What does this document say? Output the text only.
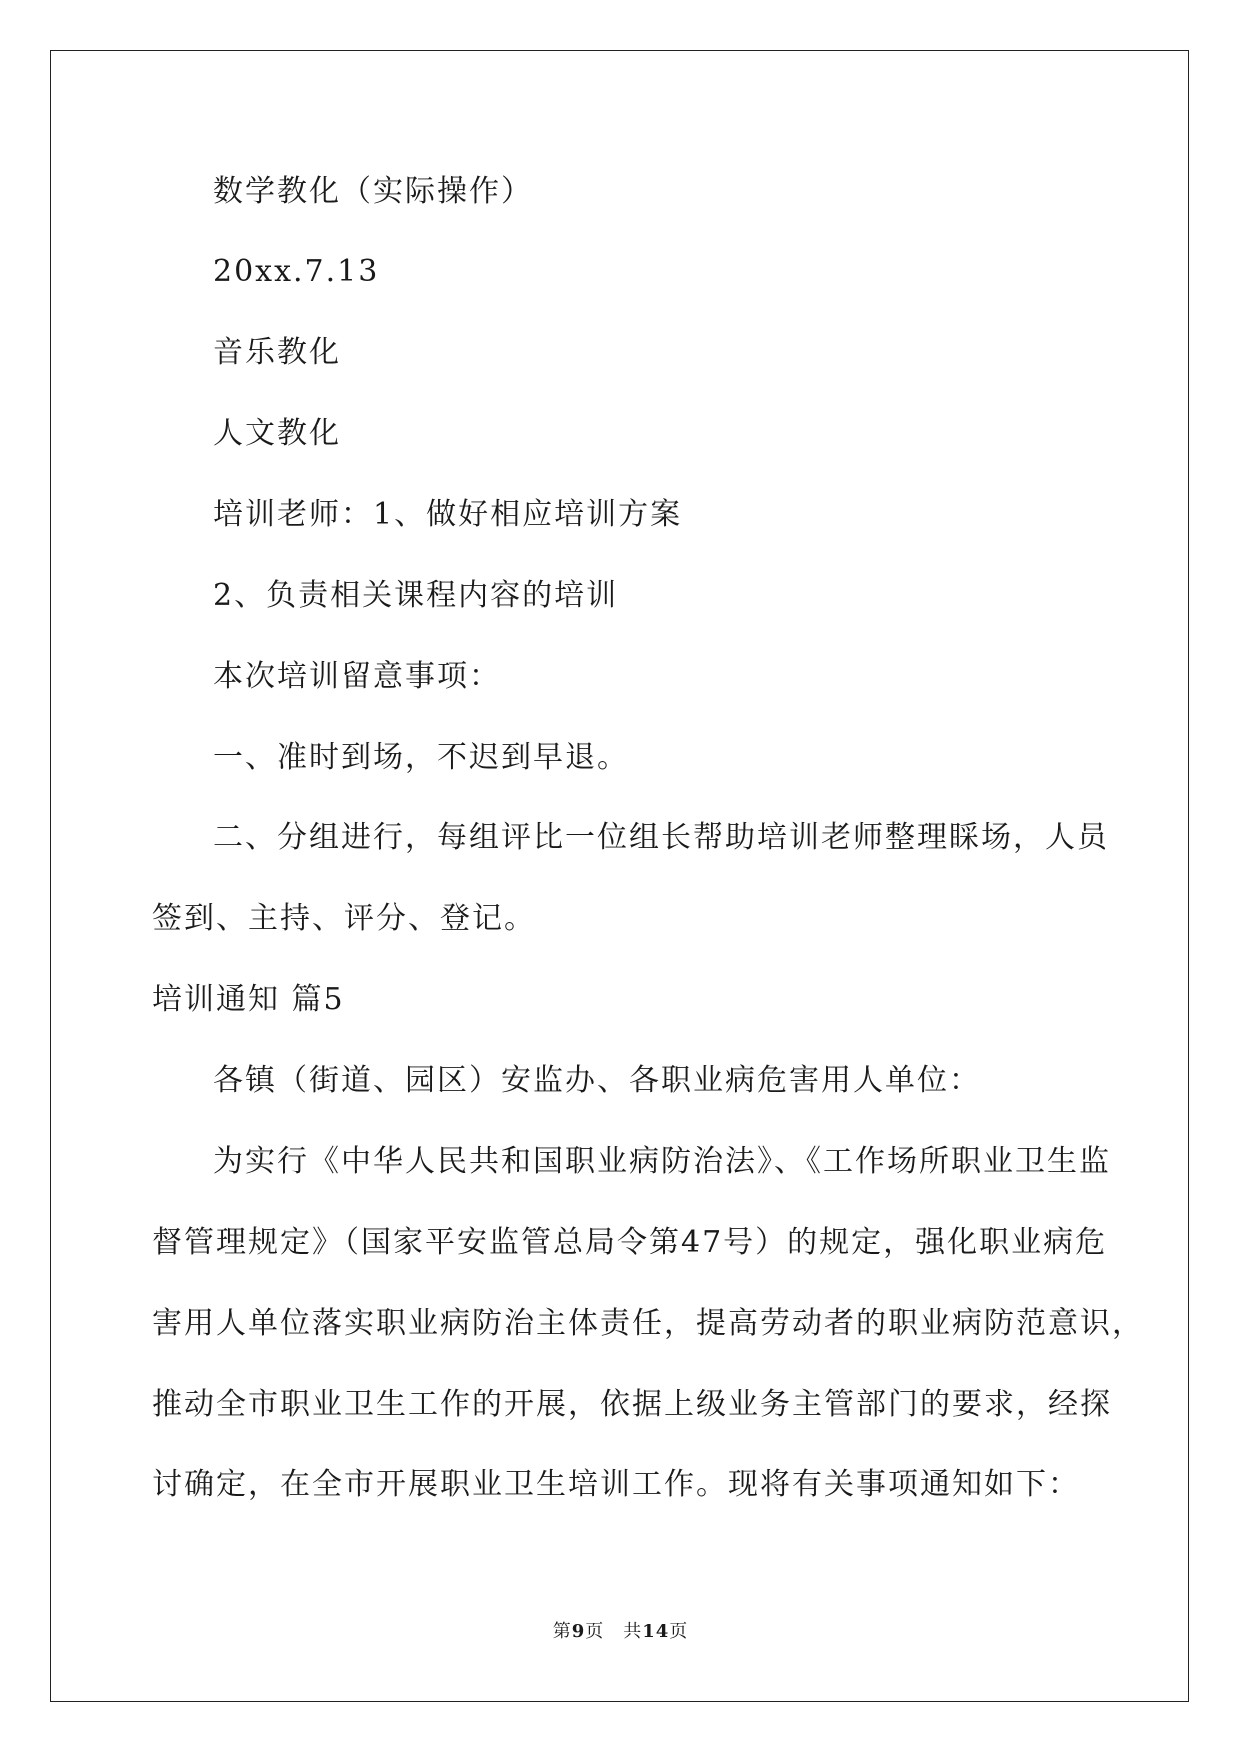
数学教化（实际操作）
20xx.7.13
音乐教化
人文教化
培训老师：1、做好相应培训方案
2、负责相关课程内容的培训
本次培训留意事项：
一、准时到场，不迟到早退。
二、分组进行，每组评比一位组长帮助培训老师整理睬场，人员
签到、主持、评分、登记。
培训通知 篇5
各镇（街道、园区）安监办、各职业病危害用人单位：
为实行《中华人民共和国职业病防治法》、《工作场所职业卫生监
督管理规定》（国家平安监管总局令第47号）的规定，强化职业病危
害用人单位落实职业病防治主体责任，提高劳动者的职业病防范意识，
推动全市职业卫生工作的开展，依据上级业务主管部门的要求，经探
讨确定，在全市开展职业卫生培训工作。现将有关事项通知如下：
第9页　共14页
